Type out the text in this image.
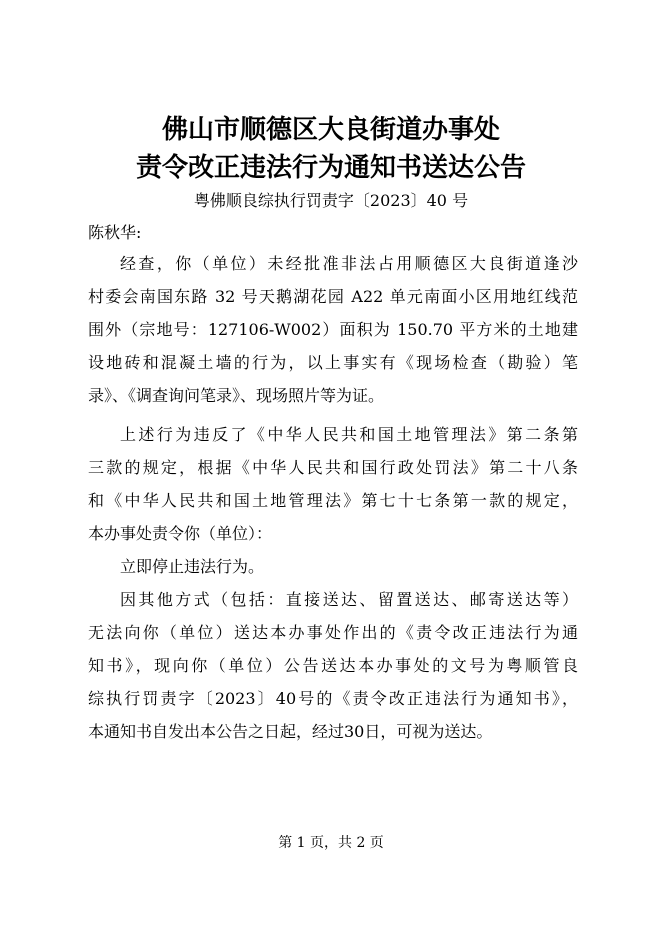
佛山市顺德区大良街道办事处
责令改正违法行为通知书送达公告
粤佛顺良综执行罚责字〔2023〕40 号
陈秋华:
经查，你（单位）未经批准非法占用顺德区大良街道逢沙
村委会南国东路 32 号天鹅湖花园 A22 单元南面小区用地红线范
围外（宗地号：127106-W002）面积为 150.70 平方米的土地建
设地砖和混凝土墙的行为，以上事实有《现场检查（勘验）笔
录》、《调查询问笔录》、现场照片等为证。
上述行为违反了《中华人民共和国土地管理法》第二条第
三款的规定，根据《中华人民共和国行政处罚法》第二十八条
和《中华人民共和国土地管理法》第七十七条第一款的规定，
本办事处责令你（单位）：
立即停止违法行为。
因其他方式（包括：直接送达、留置送达、邮寄送达等）
无法向你（单位）送达本办事处作出的《责令改正违法行为通
知书》，现向你（单位）公告送达本办事处的文号为粤顺管良
综执行罚责字〔2023〕40号的《责令改正违法行为通知书》，
本通知书自发出本公告之日起，经过30日，可视为送达。
第 1 页，共 2 页
